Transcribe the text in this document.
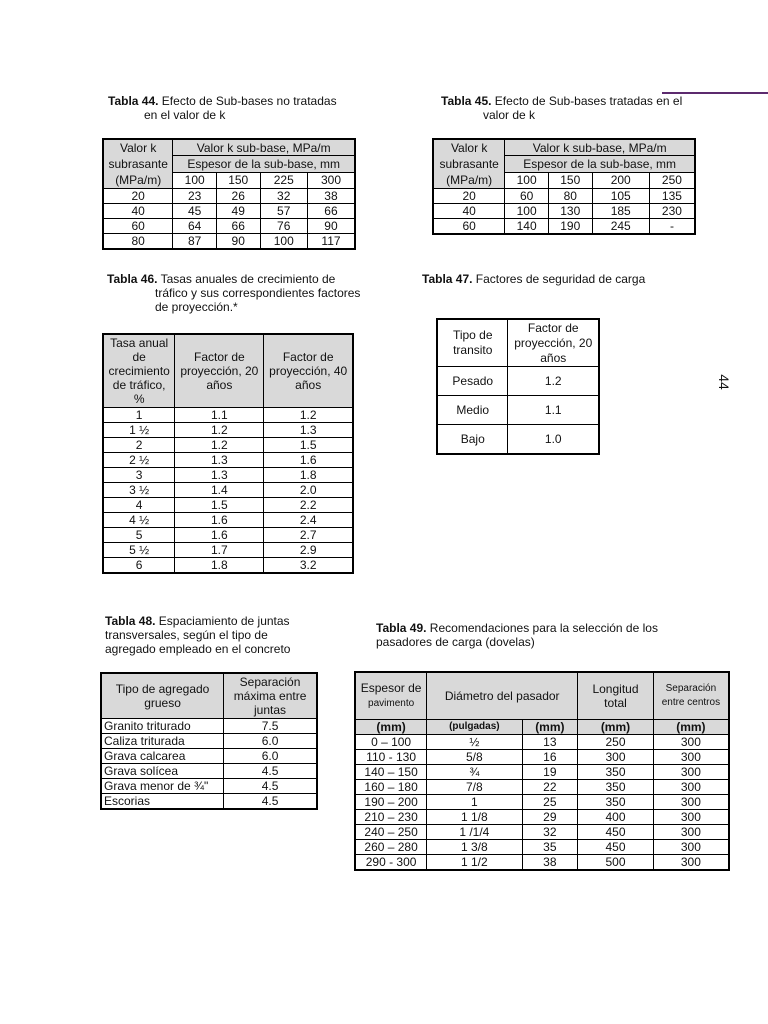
44
Tabla 44. Efecto de Sub-bases no tratadas
en el valor de k
Valor k subrasante (MPa/m)	Valor k sub-base, MPa/m			
	Espesor de la sub-base, mm			
	100	150	225	300
20	23	26	32	38
40	45	49	57	66
60	64	66	76	90
80	87	90	100	117
Tabla 45. Efecto de Sub-bases tratadas en el
valor de k
Valor k subrasante (MPa/m)	Valor k sub-base, MPa/m			
	Espesor de la sub-base, mm			
	100	150	200	250
20	60	80	105	135
40	100	130	185	230
60	140	190	245	-
Tabla 46. Tasas anuales de crecimiento de
tráfico y sus correspondientes factores
de proyección.*
Tasa anual de crecimiento de tráfico, %	Factor de proyección, 20 años	Factor de proyección, 40 años
1	1.1	1.2
1 ½	1.2	1.3
2	1.2	1.5
2 ½	1.3	1.6
3	1.3	1.8
3 ½	1.4	2.0
4	1.5	2.2
4 ½	1.6	2.4
5	1.6	2.7
5 ½	1.7	2.9
6	1.8	3.2
Tabla 47. Factores de seguridad de carga
Tipo de transito	Factor de proyección, 20 años
Pesado	1.2
Medio	1.1
Bajo	1.0
Tabla 48. Espaciamiento de juntas
transversales, según el tipo de
agregado empleado en el concreto
Tipo de agregado grueso	Separación máxima entre juntas
Granito triturado	7.5
Caliza triturada	6.0
Grava calcarea	6.0
Grava solícea	4.5
Grava menor de ¾"	4.5
Escorias	4.5
Tabla 49. Recomendaciones para la selección de los
pasadores de carga (dovelas)
Espesor de
pavimento	Diámetro del pasador		Longitud total	Separación entre centros
(mm)	(pulgadas)	(mm)	(mm)	(mm)
0 – 100	½	13	250	300
110 - 130	5/8	16	300	300
140 – 150	¾	19	350	300
160 – 180	7/8	22	350	300
190 – 200	1	25	350	300
210 – 230	1 1/8	29	400	300
240 – 250	1 /1/4	32	450	300
260 – 280	1 3/8	35	450	300
290 - 300	1 1/2	38	500	300
